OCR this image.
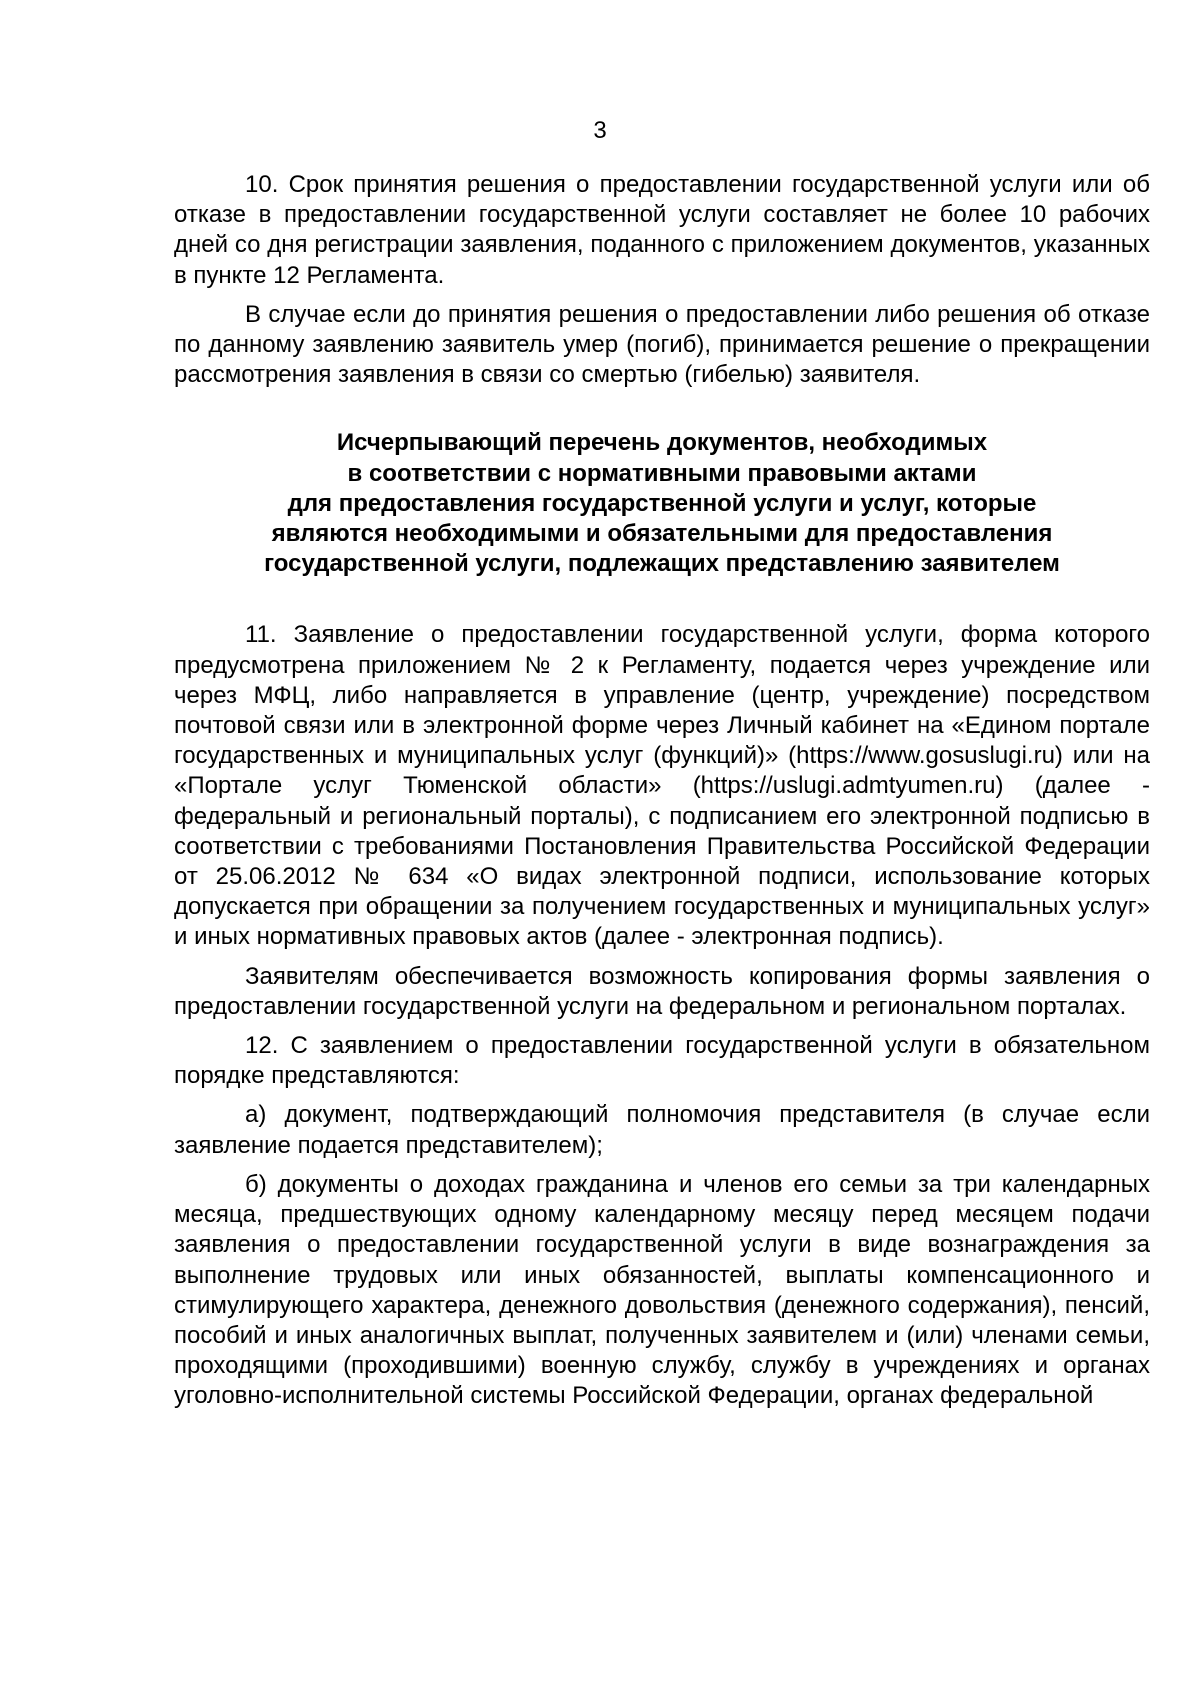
3

10. Срок принятия решения о предоставлении государственной услуги или об отказе в предоставлении государственной услуги составляет не более 10 рабочих дней со дня регистрации заявления, поданного с приложением документов, указанных в пункте 12 Регламента.

В случае если до принятия решения о предоставлении либо решения об отказе по данному заявлению заявитель умер (погиб), принимается решение о прекращении рассмотрения заявления в связи со смертью (гибелью) заявителя.

Исчерпывающий перечень документов, необходимых
в соответствии с нормативными правовыми актами
для предоставления государственной услуги и услуг, которые
являются необходимыми и обязательными для предоставления
государственной услуги, подлежащих представлению заявителем

11. Заявление о предоставлении государственной услуги, форма которого предусмотрена приложением № 2 к Регламенту, подается через учреждение или через МФЦ, либо направляется в управление (центр, учреждение) посредством почтовой связи или в электронной форме через Личный кабинет на «Едином портале государственных и муниципальных услуг (функций)» (https://www.gosuslugi.ru) или на «Портале услуг Тюменской области» (https://uslugi.admtyumen.ru) (далее - федеральный и региональный порталы), с подписанием его электронной подписью в соответствии с требованиями Постановления Правительства Российской Федерации от 25.06.2012 № 634 «О видах электронной подписи, использование которых допускается при обращении за получением государственных и муниципальных услуг» и иных нормативных правовых актов (далее - электронная подпись).

Заявителям обеспечивается возможность копирования формы заявления о предоставлении государственной услуги на федеральном и региональном порталах.

12. С заявлением о предоставлении государственной услуги в обязательном порядке представляются:

а) документ, подтверждающий полномочия представителя (в случае если заявление подается представителем);

б) документы о доходах гражданина и членов его семьи за три календарных месяца, предшествующих одному календарному месяцу перед месяцем подачи заявления о предоставлении государственной услуги в виде вознаграждения за выполнение трудовых или иных обязанностей, выплаты компенсационного и стимулирующего характера, денежного довольствия (денежного содержания), пенсий, пособий и иных аналогичных выплат, полученных заявителем и (или) членами семьи, проходящими (проходившими) военную службу, службу в учреждениях и органах уголовно-исполнительной системы Российской Федерации, органах федеральной
